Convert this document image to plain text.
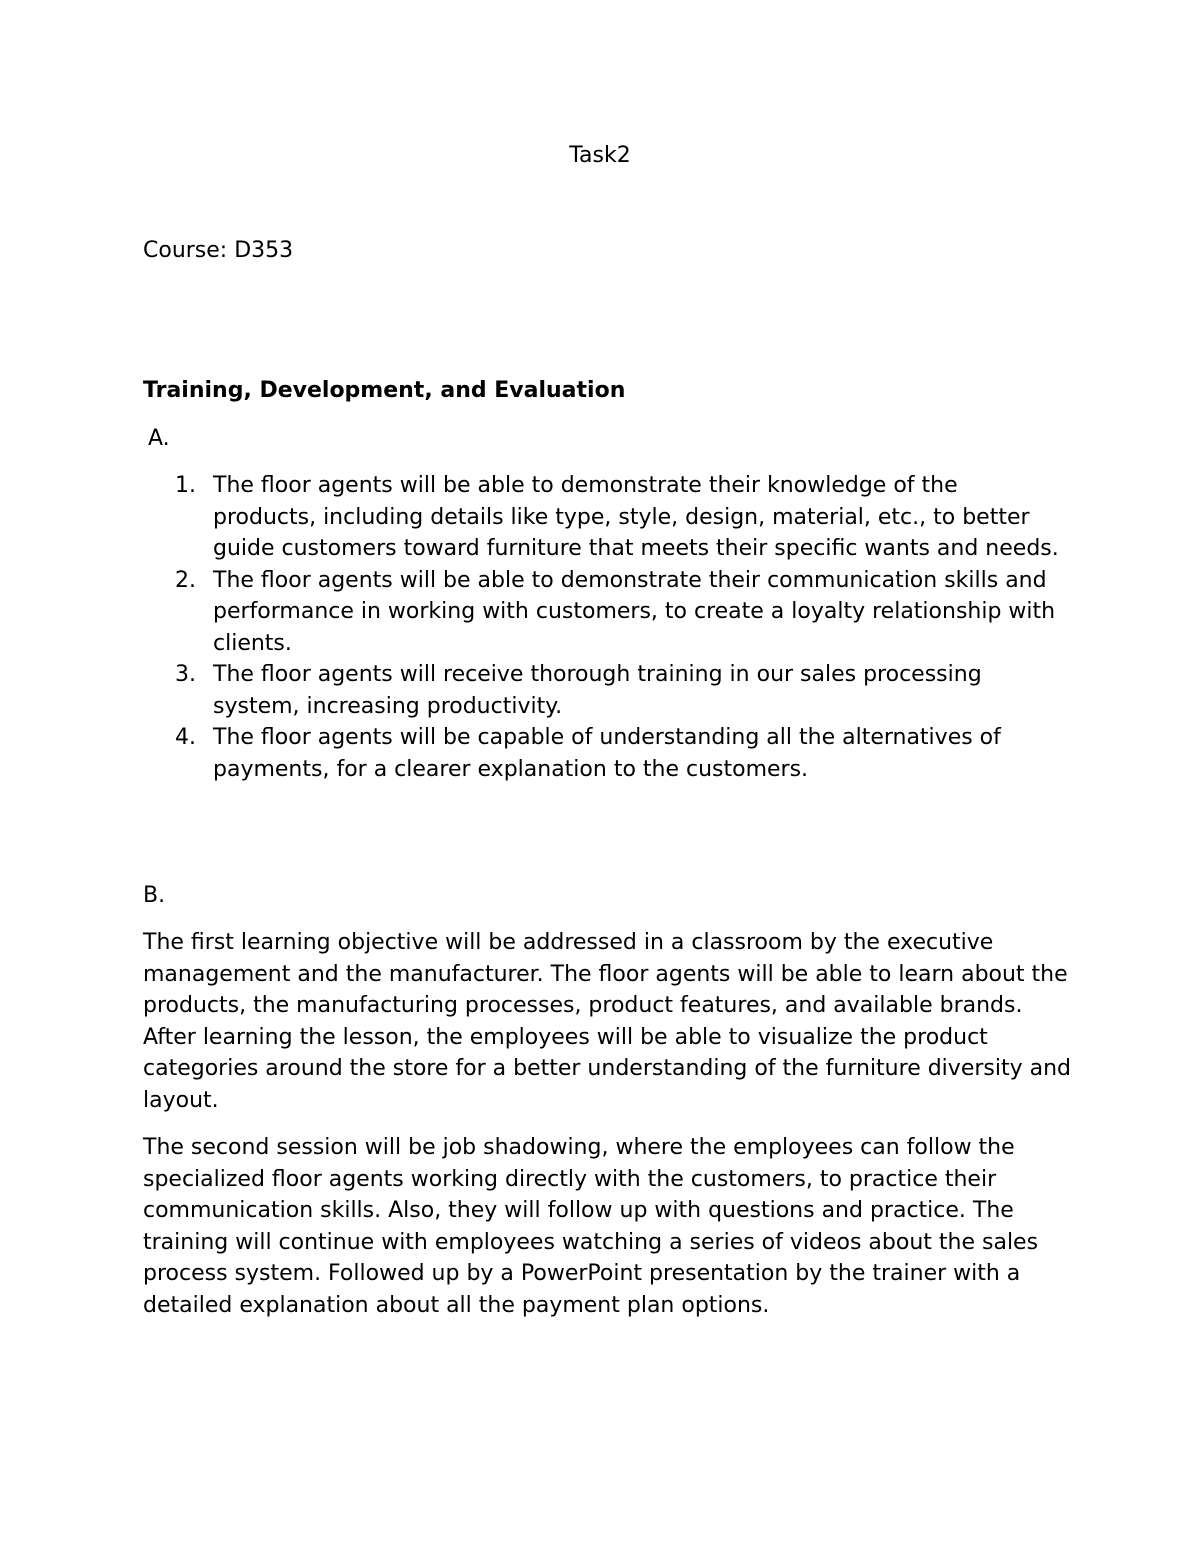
Task2
Course: D353
Training, Development, and Evaluation
A.
1. The floor agents will be able to demonstrate their knowledge of the products, including details like type, style, design, material, etc., to better guide customers toward furniture that meets their specific wants and needs.
2. The floor agents will be able to demonstrate their communication skills and performance in working with customers, to create a loyalty relationship with clients.
3. The floor agents will receive thorough training in our sales processing system, increasing productivity.
4. The floor agents will be capable of understanding all the alternatives of payments, for a clearer explanation to the customers.
B.

The first learning objective will be addressed in a classroom by the executive management and the manufacturer. The floor agents will be able to learn about the products, the manufacturing processes, product features, and available brands. After learning the lesson, the employees will be able to visualize the product categories around the store for a better understanding of the furniture diversity and layout.

The second session will be job shadowing, where the employees can follow the specialized floor agents working directly with the customers, to practice their communication skills. Also, they will follow up with questions and practice. The training will continue with employees watching a series of videos about the sales process system. Followed up by a PowerPoint presentation by the trainer with a detailed explanation about all the payment plan options.
